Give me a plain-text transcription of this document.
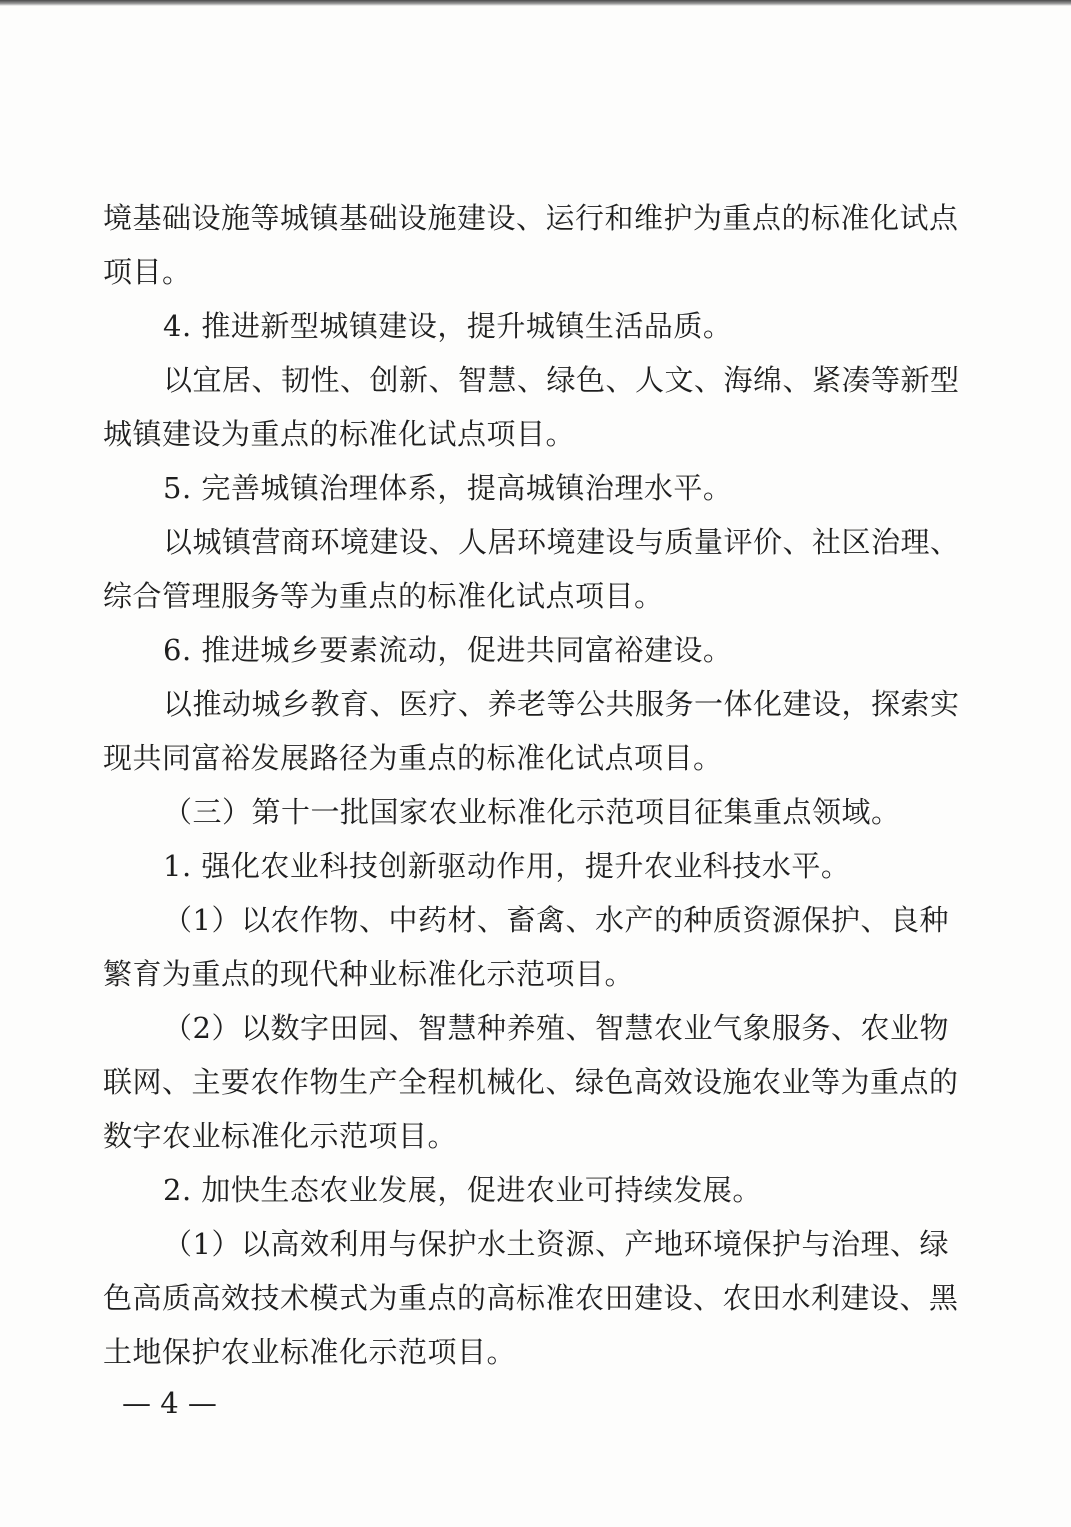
境基础设施等城镇基础设施建设、运行和维护为重点的标准化试点
项目。
4. 推进新型城镇建设，提升城镇生活品质。
以宜居、韧性、创新、智慧、绿色、人文、海绵、紧凑等新型
城镇建设为重点的标准化试点项目。
5. 完善城镇治理体系，提高城镇治理水平。
以城镇营商环境建设、人居环境建设与质量评价、社区治理、
综合管理服务等为重点的标准化试点项目。
6. 推进城乡要素流动，促进共同富裕建设。
以推动城乡教育、医疗、养老等公共服务一体化建设，探索实
现共同富裕发展路径为重点的标准化试点项目。
（三）第十一批国家农业标准化示范项目征集重点领域。
1. 强化农业科技创新驱动作用，提升农业科技水平。
（1）以农作物、中药材、畜禽、水产的种质资源保护、良种
繁育为重点的现代种业标准化示范项目。
（2）以数字田园、智慧种养殖、智慧农业气象服务、农业物
联网、主要农作物生产全程机械化、绿色高效设施农业等为重点的
数字农业标准化示范项目。
2. 加快生态农业发展，促进农业可持续发展。
（1）以高效利用与保护水土资源、产地环境保护与治理、绿
色高质高效技术模式为重点的高标准农田建设、农田水利建设、黑
土地保护农业标准化示范项目。
— 4 —
